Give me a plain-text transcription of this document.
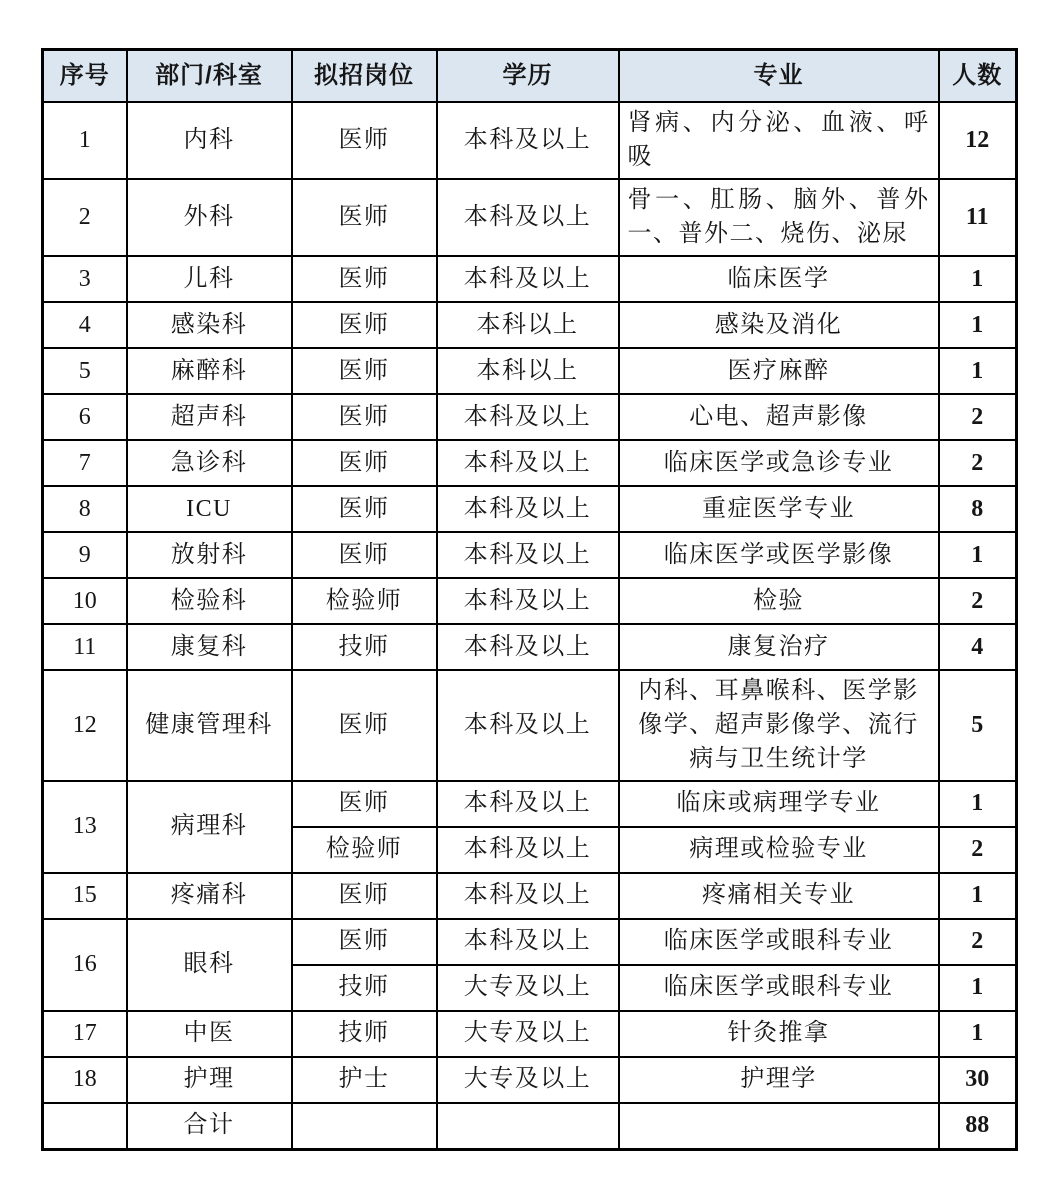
序号	部门/科室	拟招岗位	学历	专业	人数
1	内科	医师	本科及以上	肾病、内分泌、血液、呼吸	12
2	外科	医师	本科及以上	骨一、肛肠、脑外、普外一、普外二、烧伤、泌尿	11
3	儿科	医师	本科及以上	临床医学	1
4	感染科	医师	本科以上	感染及消化	1
5	麻醉科	医师	本科以上	医疗麻醉	1
6	超声科	医师	本科及以上	心电、超声影像	2
7	急诊科	医师	本科及以上	临床医学或急诊专业	2
8	ICU	医师	本科及以上	重症医学专业	8
9	放射科	医师	本科及以上	临床医学或医学影像	1
10	检验科	检验师	本科及以上	检验	2
11	康复科	技师	本科及以上	康复治疗	4
12	健康管理科	医师	本科及以上	内科、耳鼻喉科、医学影像学、超声影像学、流行病与卫生统计学	5
13	病理科	医师	本科及以上	临床或病理学专业	1
		检验师	本科及以上	病理或检验专业	2
15	疼痛科	医师	本科及以上	疼痛相关专业	1
16	眼科	医师	本科及以上	临床医学或眼科专业	2
		技师	大专及以上	临床医学或眼科专业	1
17	中医	技师	大专及以上	针灸推拿	1
18	护理	护士	大专及以上	护理学	30
	合计				88
